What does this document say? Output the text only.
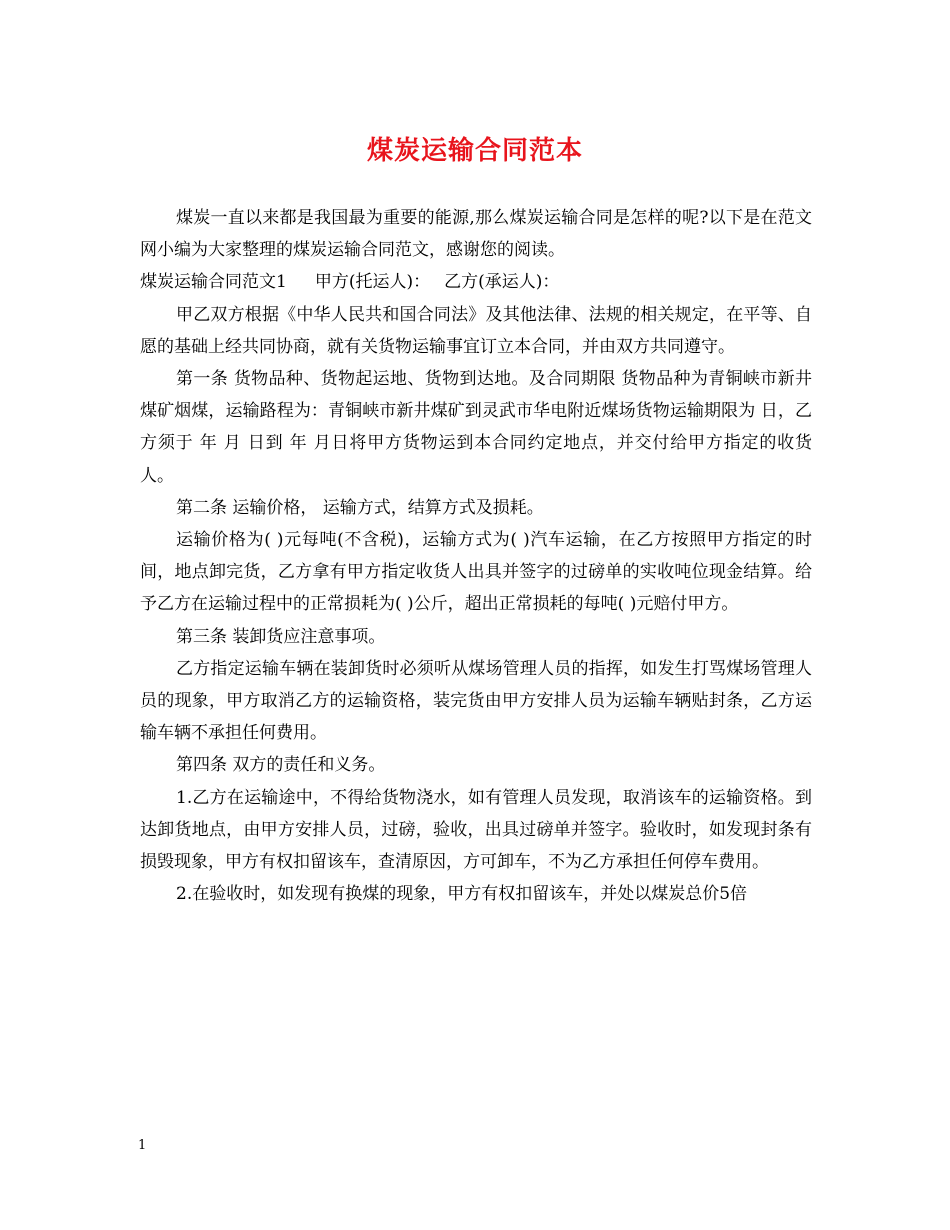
煤炭运输合同范本

煤炭一直以来都是我国最为重要的能源,那么煤炭运输合同是怎样的呢?以下是在范文网小编为大家整理的煤炭运输合同范文，感谢您的阅读。

煤炭运输合同范文1 甲方(托运人)： 乙方(承运人)：

甲乙双方根据《中华人民共和国合同法》及其他法律、法规的相关规定，在平等、自愿的基础上经共同协商，就有关货物运输事宜订立本合同，并由双方共同遵守。

第一条 货物品种、货物起运地、货物到达地。及合同期限 货物品种为青铜峡市新井煤矿烟煤，运输路程为：青铜峡市新井煤矿到灵武市华电附近煤场货物运输期限为 日，乙方须于 年 月 日到 年 月日将甲方货物运到本合同约定地点，并交付给甲方指定的收货人。

第二条 运输价格， 运输方式，结算方式及损耗。

运输价格为( )元每吨(不含税)，运输方式为( )汽车运输，在乙方按照甲方指定的时间，地点卸完货，乙方拿有甲方指定收货人出具并签字的过磅单的实收吨位现金结算。给予乙方在运输过程中的正常损耗为( )公斤，超出正常损耗的每吨( )元赔付甲方。

第三条 装卸货应注意事项。

乙方指定运输车辆在装卸货时必须听从煤场管理人员的指挥，如发生打骂煤场管理人员的现象，甲方取消乙方的运输资格，装完货由甲方安排人员为运输车辆贴封条，乙方运输车辆不承担任何费用。

第四条 双方的责任和义务。

1.乙方在运输途中，不得给货物浇水，如有管理人员发现，取消该车的运输资格。到达卸货地点，由甲方安排人员，过磅，验收，出具过磅单并签字。验收时，如发现封条有损毁现象，甲方有权扣留该车，查清原因，方可卸车，不为乙方承担任何停车费用。

2.在验收时，如发现有换煤的现象，甲方有权扣留该车，并处以煤炭总价5倍

1
